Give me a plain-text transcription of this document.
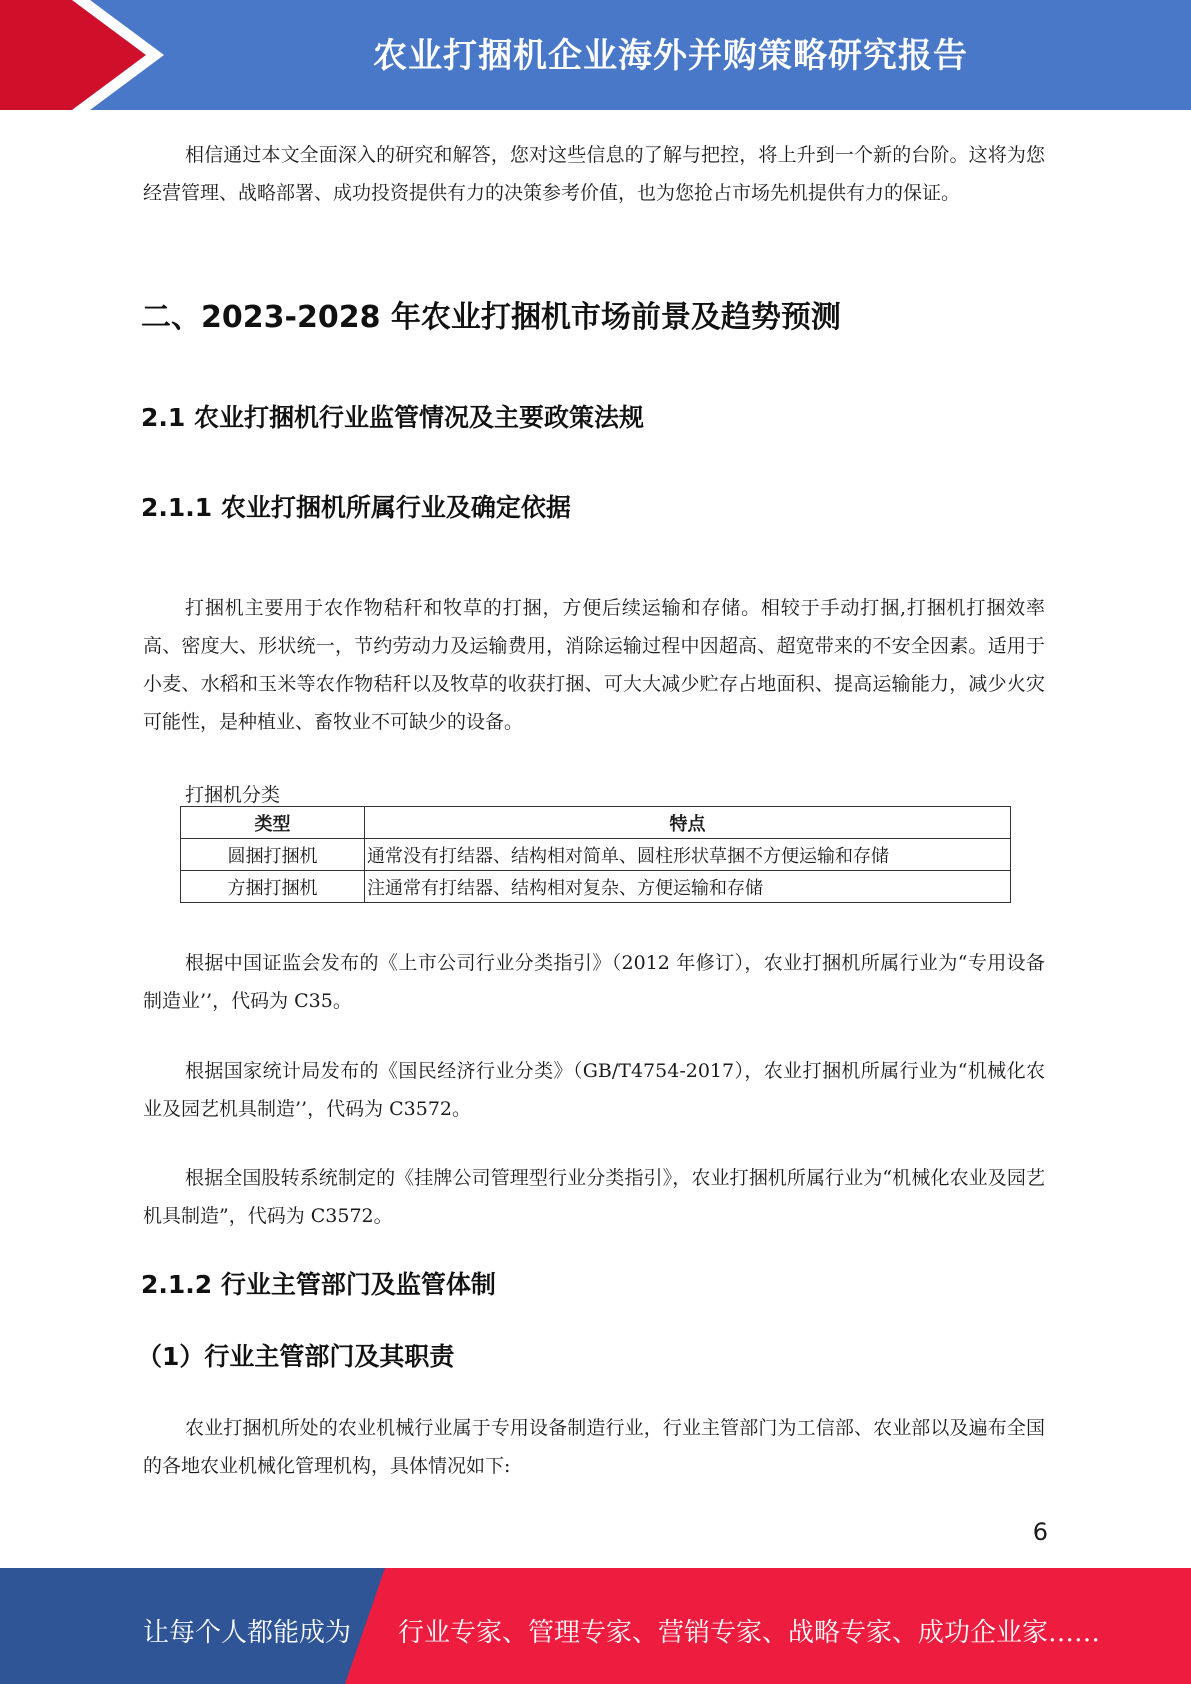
农业打捆机企业海外并购策略研究报告

相信通过本文全面深入的研究和解答，您对这些信息的了解与把控，将上升到一个新的台阶。这将为您经营管理、战略部署、成功投资提供有力的决策参考价值，也为您抢占市场先机提供有力的保证。

二、2023-2028 年农业打捆机市场前景及趋势预测
2.1 农业打捆机行业监管情况及主要政策法规
2.1.1 农业打捆机所属行业及确定依据

打捆机主要用于农作物秸秆和牧草的打捆，方便后续运输和存储。相较于手动打捆,打捆机打捆效率高、密度大、形状统一，节约劳动力及运输费用，消除运输过程中因超高、超宽带来的不安全因素。适用于小麦、水稻和玉米等农作物秸秆以及牧草的收获打捆、可大大减少贮存占地面积、提高运输能力，减少火灾可能性，是种植业、畜牧业不可缺少的设备。

打捆机分类
类型	特点
圆捆打捆机	通常没有打结器、结构相对简单、圆柱形状草捆不方便运输和存储
方捆打捆机	注通常有打结器、结构相对复杂、方便运输和存储

根据中国证监会发布的《上市公司行业分类指引》（2012 年修订），农业打捆机所属行业为“专用设备制造业’’，代码为 C35。

根据国家统计局发布的《国民经济行业分类》（GB/T4754-2017），农业打捆机所属行业为“机械化农业及园艺机具制造’’，代码为 C3572。

根据全国股转系统制定的《挂牌公司管理型行业分类指引》，农业打捆机所属行业为“机械化农业及园艺机具制造”，代码为 C3572。

2.1.2 行业主管部门及监管体制
（1）行业主管部门及其职责

农业打捆机所处的农业机械行业属于专用设备制造行业，行业主管部门为工信部、农业部以及遍布全国的各地农业机械化管理机构，具体情况如下:

6
让每个人都能成为 行业专家、管理专家、营销专家、战略专家、成功企业家……
